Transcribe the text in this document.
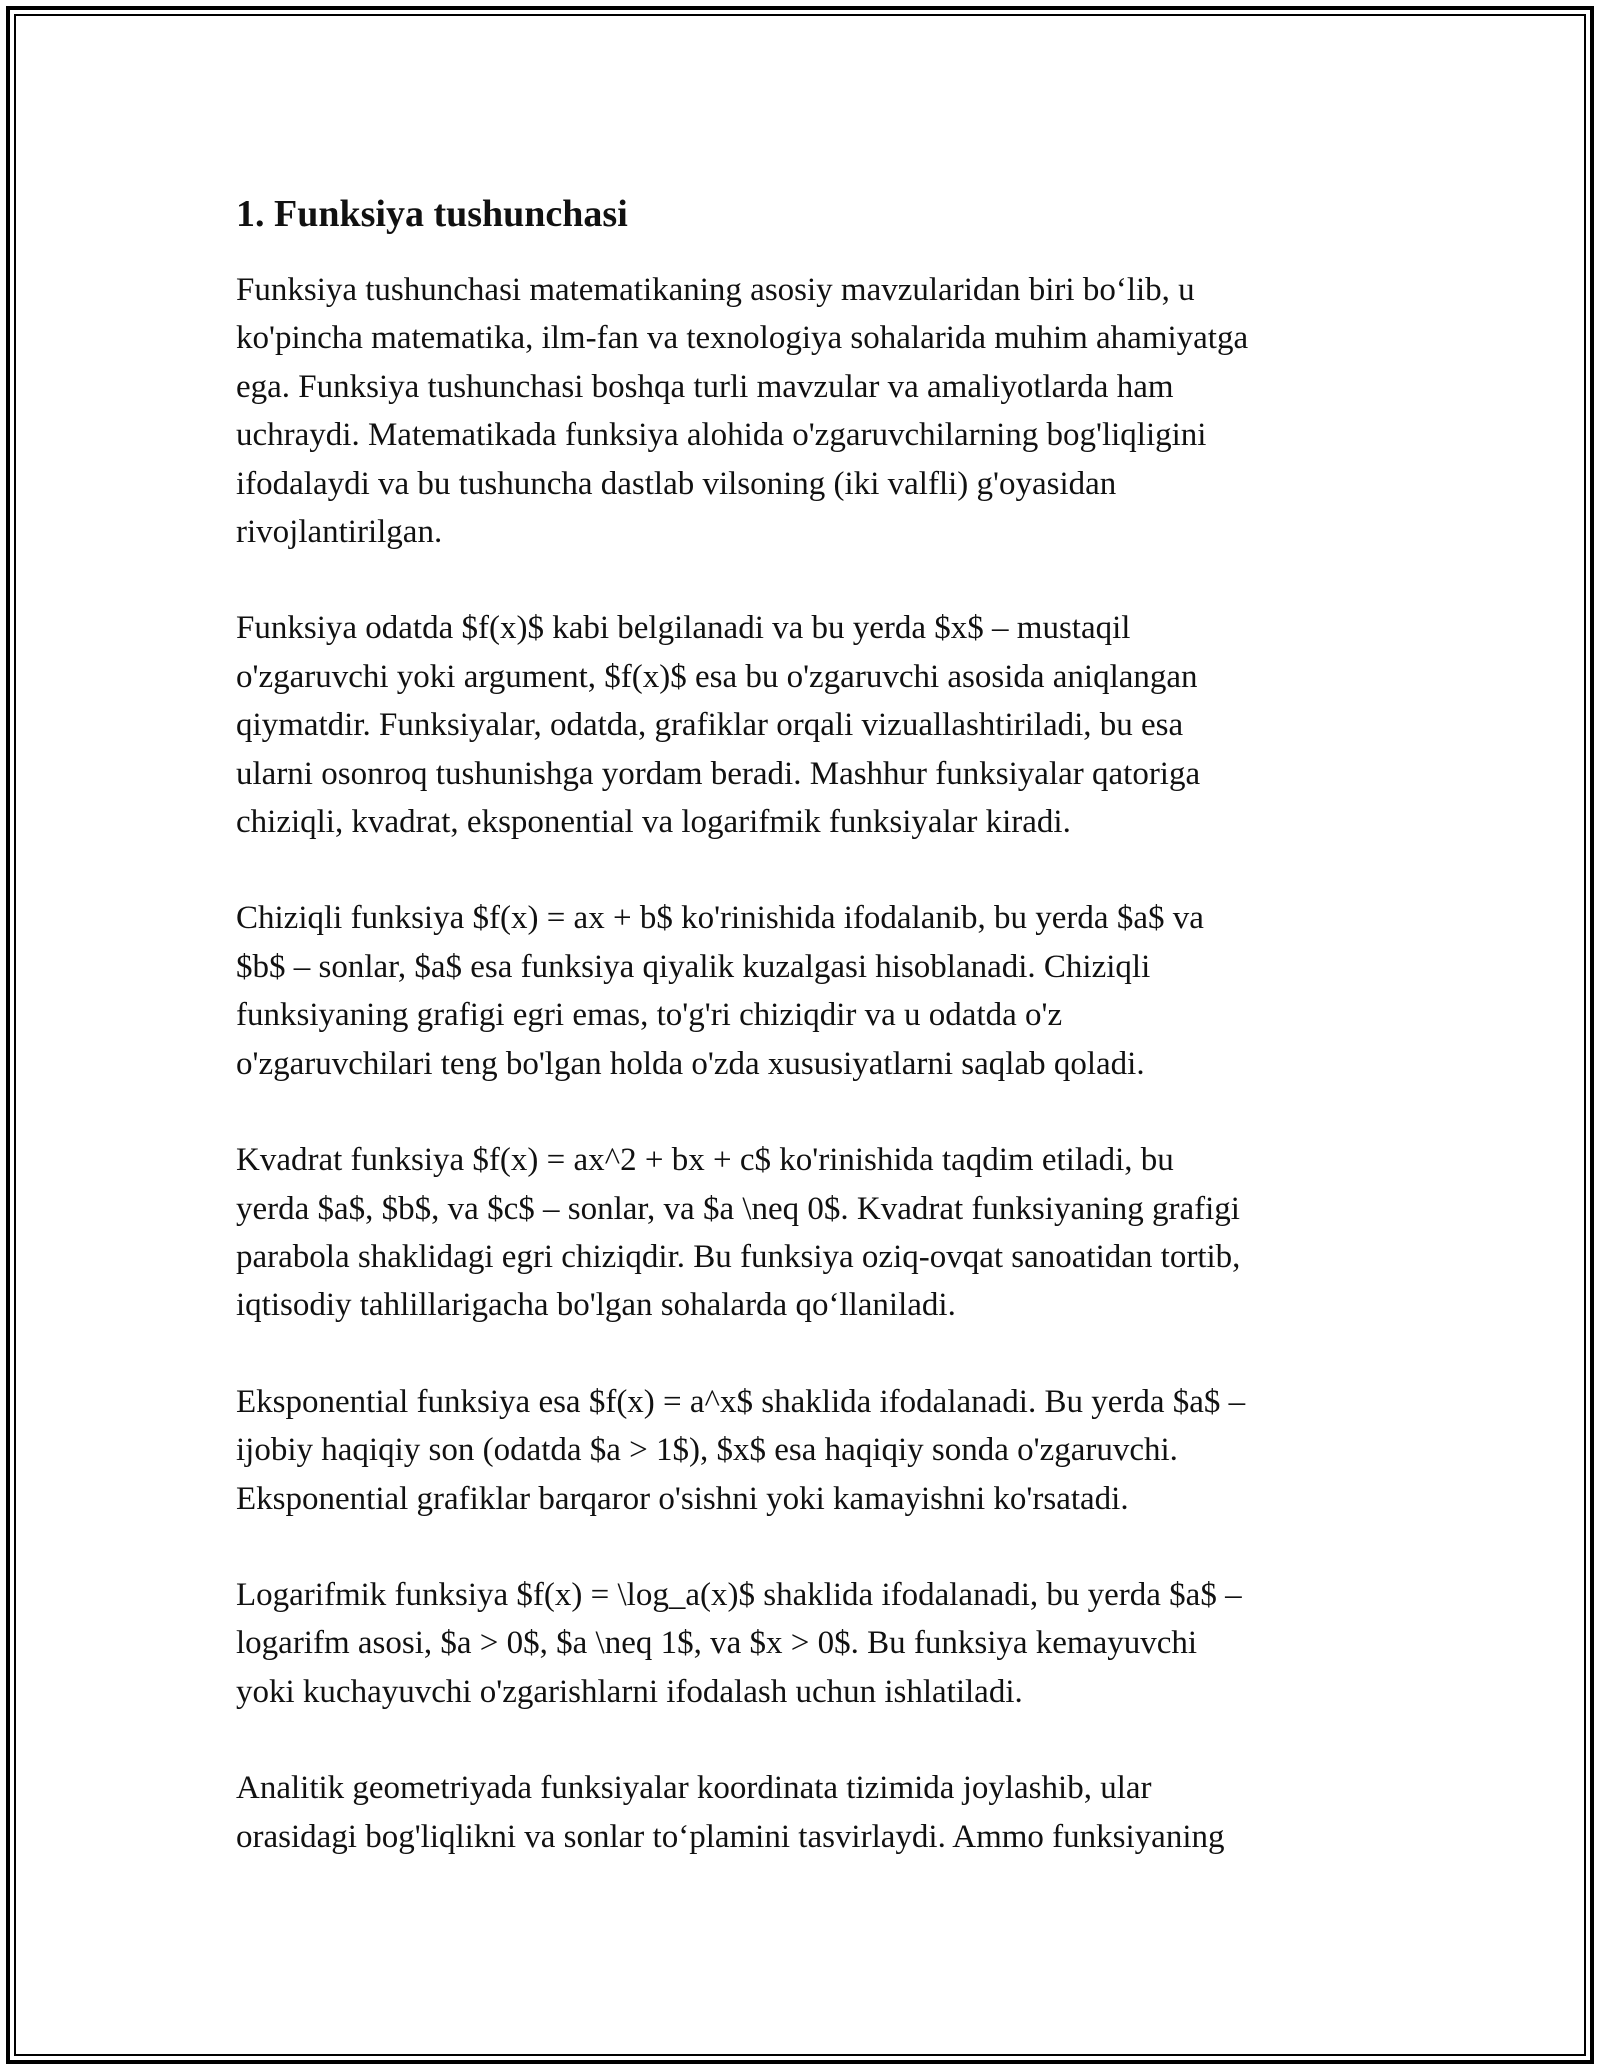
1. Funksiya tushunchasi

Funksiya tushunchasi matematikaning asosiy mavzularidan biri bo‘lib, u
ko'pincha matematika, ilm-fan va texnologiya sohalarida muhim ahamiyatga
ega. Funksiya tushunchasi boshqa turli mavzular va amaliyotlarda ham
uchraydi. Matematikada funksiya alohida o'zgaruvchilarning bog'liqligini
ifodalaydi va bu tushuncha dastlab vilsoning (iki valfli) g'oyasidan
rivojlantirilgan.

Funksiya odatda $f(x)$ kabi belgilanadi va bu yerda $x$ – mustaqil
o'zgaruvchi yoki argument, $f(x)$ esa bu o'zgaruvchi asosida aniqlangan
qiymatdir. Funksiyalar, odatda, grafiklar orqali vizuallashtiriladi, bu esa
ularni osonroq tushunishga yordam beradi. Mashhur funksiyalar qatoriga
chiziqli, kvadrat, eksponential va logarifmik funksiyalar kiradi.

Chiziqli funksiya $f(x) = ax + b$ ko'rinishida ifodalanib, bu yerda $a$ va
$b$ – sonlar, $a$ esa funksiya qiyalik kuzalgasi hisoblanadi. Chiziqli
funksiyaning grafigi egri emas, to'g'ri chiziqdir va u odatda o'z
o'zgaruvchilari teng bo'lgan holda o'zda xususiyatlarni saqlab qoladi.

Kvadrat funksiya $f(x) = ax^2 + bx + c$ ko'rinishida taqdim etiladi, bu
yerda $a$, $b$, va $c$ – sonlar, va $a \neq 0$. Kvadrat funksiyaning grafigi
parabola shaklidagi egri chiziqdir. Bu funksiya oziq-ovqat sanoatidan tortib,
iqtisodiy tahlillarigacha bo'lgan sohalarda qo‘llaniladi.

Eksponential funksiya esa $f(x) = a^x$ shaklida ifodalanadi. Bu yerda $a$ –
ijobiy haqiqiy son (odatda $a > 1$), $x$ esa haqiqiy sonda o'zgaruvchi.
Eksponential grafiklar barqaror o'sishni yoki kamayishni ko'rsatadi.

Logarifmik funksiya $f(x) = \log_a(x)$ shaklida ifodalanadi, bu yerda $a$ –
logarifm asosi, $a > 0$, $a \neq 1$, va $x > 0$. Bu funksiya kemayuvchi
yoki kuchayuvchi o'zgarishlarni ifodalash uchun ishlatiladi.

Analitik geometriyada funksiyalar koordinata tizimida joylashib, ular
orasidagi bog'liqlikni va sonlar to‘plamini tasvirlaydi. Ammo funksiyaning
